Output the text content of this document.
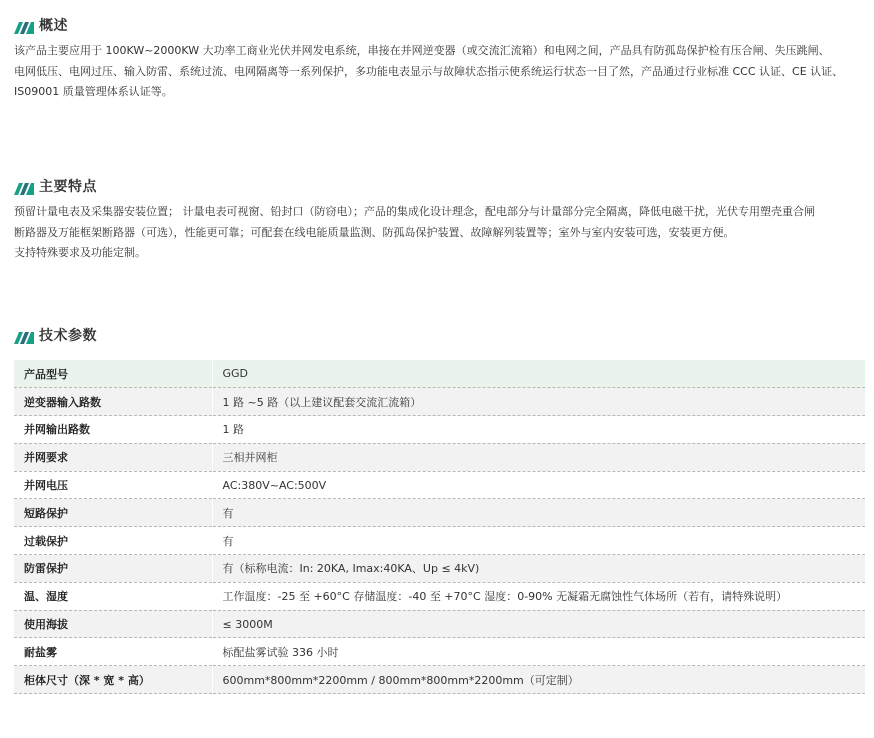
概述
该产品主要应用于 100KW~2000KW 大功率工商业光伏并网发电系统，串接在并网逆变器（或交流汇流箱）和电网之间，产品具有防孤岛保护检有压合闸、失压跳闸、
电网低压、电网过压、输入防雷、系统过流、电网隔离等一系列保护，多功能电表显示与故障状态指示使系统运行状态一目了然，产品通过行业标准 CCC 认证、CE 认证、
IS09001 质量管理体系认证等。
主要特点
预留计量电表及采集器安装位置； 计量电表可视窗、铅封口（防窃电）；产品的集成化设计理念，配电部分与计量部分完全隔离，降低电磁干扰，光伏专用塑壳重合闸
断路器及万能框架断路器（可选），性能更可靠；可配套在线电能质量监测、防孤岛保护装置、故障解列装置等；室外与室内安装可选，安装更方便。
支持特殊要求及功能定制。
技术参数
产品型号	GGD
逆变器输入路数	1 路 ~5 路（以上建议配套交流汇流箱）
并网输出路数	1 路
并网要求	三相并网柜
并网电压	AC:380V~AC:500V
短路保护	有
过载保护	有
防雷保护	有（标称电流：In: 20KA, Imax:40KA、Up ≤ 4kV)
温、湿度	工作温度：-25 至 +60°C 存储温度：-40 至 +70°C 湿度：0-90% 无凝霜无腐蚀性气体场所（若有，请特殊说明）
使用海拔	≤ 3000M
耐盐雾	标配盐雾试验 336 小时
柜体尺寸（深 * 宽 * 高）	600mm*800mm*2200mm / 800mm*800mm*2200mm（可定制）
